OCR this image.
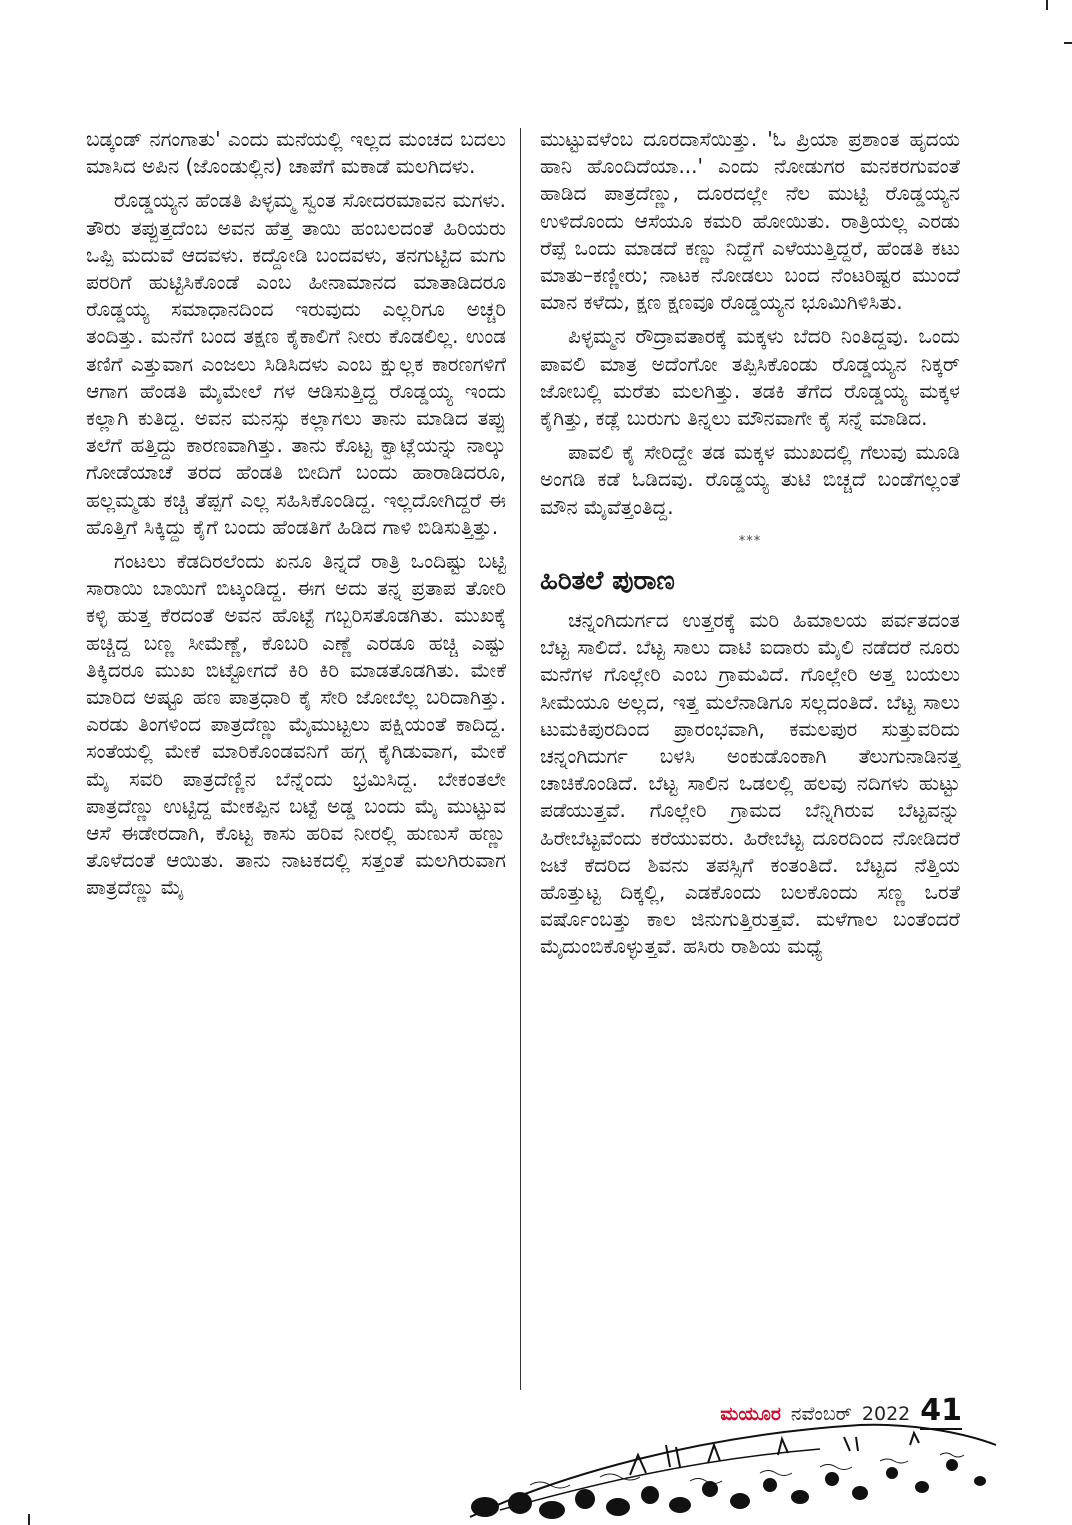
ಬಡ್ಕಂಡ್ ನಗಂಗಾತು' ಎಂದು ಮನೆಯಲ್ಲಿ ಇಲ್ಲದ ಮಂಚದ ಬದಲು ಮಾಸಿದ ಅಪಿನ (ಜೊಂಡುಲ್ಲಿನ) ಚಾಪೆಗೆ ಮಕಾಡೆ ಮಲಗಿದಳು.

ರೊಡ್ಡಯ್ಯನ ಹೆಂಡತಿ ಪಿಳ್ಳಮ್ಮ ಸ್ವಂತ ಸೋದರಮಾವನ ಮಗಳು. ತೌರು ತಪ್ಪುತ್ತದೆಂಬ ಅವನ ಹೆತ್ತ ತಾಯಿ ಹಂಬಲದಂತೆ ಹಿರಿಯರು ಒಪ್ಪಿ ಮದುವೆ ಆದವಳು. ಕದ್ದೋಡಿ ಬಂದವಳು, ತನಗುಟ್ಟಿದ ಮಗು ಪರರಿಗೆ ಹುಟ್ಟಿಸಿಕೊಂಡೆ ಎಂಬ ಹೀನಾಮಾನದ ಮಾತಾಡಿದರೂ ರೊಡ್ಡಯ್ಯ ಸಮಾಧಾನದಿಂದ ಇರುವುದು ಎಲ್ಲರಿಗೂ ಅಚ್ಚರಿ ತಂದಿತ್ತು. ಮನೆಗೆ ಬಂದ ತಕ್ಷಣ ಕೈಕಾಲಿಗೆ ನೀರು ಕೊಡಲಿಲ್ಲ. ಉಂಡ ತಣಿಗೆ ಎತ್ತುವಾಗ ಎಂಜಲು ಸಿಡಿಸಿದಳು ಎಂಬ ಕ್ಷುಲ್ಲಕ ಕಾರಣಗಳಿಗೆ ಆಗಾಗ ಹೆಂಡತಿ ಮೈಮೇಲೆ ಗಳ ಆಡಿಸುತ್ತಿದ್ದ ರೊಡ್ಡಯ್ಯ ಇಂದು ಕಲ್ಲಾಗಿ ಕುತಿದ್ದ. ಅವನ ಮನಸ್ಸು ಕಲ್ಲಾಗಲು ತಾನು ಮಾಡಿದ ತಪ್ಪು ತಲೆಗೆ ಹತ್ತಿದ್ದು ಕಾರಣವಾಗಿತ್ತು. ತಾನು ಕೊಟ್ಟ ಕ್ವಾಟ್ಲೆಯನ್ನು ನಾಲ್ಕು ಗೋಡೆಯಾಚೆ ತರದ ಹೆಂಡತಿ ಬೀದಿಗೆ ಬಂದು ಹಾರಾಡಿದರೂ, ಹಲ್ಲಮ್ಮಡು ಕಚ್ಚಿ ತೆಪ್ಪಗೆ ಎಲ್ಲ ಸಹಿಸಿಕೊಂಡಿದ್ದ. ಇಲ್ಲದೋಗಿದ್ದರೆ ಈ ಹೊತ್ತಿಗೆ ಸಿಕ್ಕಿದ್ದು ಕೈಗೆ ಬಂದು ಹೆಂಡತಿಗೆ ಹಿಡಿದ ಗಾಳಿ ಬಿಡಿಸುತ್ತಿತ್ತು.

ಗಂಟಲು ಕೆಡದಿರಲೆಂದು ಏನೂ ತಿನ್ನದೆ ರಾತ್ರಿ ಒಂದಿಷ್ಟು ಬಟ್ಟಿ ಸಾರಾಯಿ ಬಾಯಿಗೆ ಬಿಟ್ಕಂಡಿದ್ದ. ಈಗ ಅದು ತನ್ನ ಪ್ರತಾಪ ತೋರಿ ಕಳ್ಳಿ ಹುತ್ತ ಕೆರದಂತೆ ಅವನ ಹೊಟ್ಟೆ ಗಬ್ಬರಿಸತೊಡಗಿತು. ಮುಖಕ್ಕೆ ಹಚ್ಚಿದ್ದ ಬಣ್ಣ ಸೀಮೆಣ್ಣೆ, ಕೊಬರಿ ಎಣ್ಣೆ ಎರಡೂ ಹಚ್ಚಿ ಎಷ್ಟು ತಿಕ್ಕಿದರೂ ಮುಖ ಬಿಟ್ಟೋಗದೆ ಕಿರಿ ಕಿರಿ ಮಾಡತೊಡಗಿತು. ಮೇಕೆ ಮಾರಿದ ಅಷ್ಟೂ ಹಣ ಪಾತ್ರಧಾರಿ ಕೈ ಸೇರಿ ಜೋಬೆಲ್ಲ ಬರಿದಾಗಿತ್ತು. ಎರಡು ತಿಂಗಳಿಂದ ಪಾತ್ರದೆಣ್ಣು ಮೈಮುಟ್ಟಲು ಪಕ್ಷಿಯಂತೆ ಕಾದಿದ್ದ. ಸಂತೆಯಲ್ಲಿ ಮೇಕೆ ಮಾರಿಕೊಂಡವನಿಗೆ ಹಗ್ಗ ಕೈಗಿಡುವಾಗ, ಮೇಕೆ ಮೈ ಸವರಿ ಪಾತ್ರದೆಣ್ಣಿನ ಬೆನ್ನೆಂದು ಭ್ರಮಿಸಿದ್ದ. ಬೇಕಂತಲೇ ಪಾತ್ರದೆಣ್ಣು ಉಟ್ಟಿದ್ದ ಮೇಕಪ್ಪಿನ ಬಟ್ಟೆ ಅಡ್ಡ ಬಂದು ಮೈ ಮುಟ್ಟುವ ಆಸೆ ಈಡೇರದಾಗಿ, ಕೊಟ್ಟ ಕಾಸು ಹರಿವ ನೀರಲ್ಲಿ ಹುಣುಸೆ ಹಣ್ಣು ತೊಳೆದಂತೆ ಆಯಿತು. ತಾನು ನಾಟಕದಲ್ಲಿ ಸತ್ತಂತೆ ಮಲಗಿರುವಾಗ ಪಾತ್ರದೆಣ್ಣು ಮೈ

ಮುಟ್ಟುವಳೆಂಬ ದೂರದಾಸೆಯಿತ್ತು. 'ಓ ಪ್ರಿಯಾ ಪ್ರಶಾಂತ ಹೃದಯ ಹಾನಿ ಹೊಂದಿದೆಯಾ...' ಎಂದು ನೋಡುಗರ ಮನಕರಗುವಂತೆ ಹಾಡಿದ ಪಾತ್ರದೆಣ್ಣು, ದೂರದಲ್ಲೇ ನೆಲ ಮುಟ್ಟಿ ರೊಡ್ಡಯ್ಯನ ಉಳಿದೊಂದು ಆಸೆಯೂ ಕಮರಿ ಹೋಯಿತು. ರಾತ್ರಿಯಲ್ಲ ಎರಡು ರೆಪ್ಪೆ ಒಂದು ಮಾಡದೆ ಕಣ್ಣು ನಿದ್ದೆಗೆ ಎಳೆಯುತ್ತಿದ್ದರೆ, ಹೆಂಡತಿ ಕಟು ಮಾತು–ಕಣ್ಣೀರು; ನಾಟಕ ನೋಡಲು ಬಂದ ನೆಂಟರಿಷ್ಟರ ಮುಂದೆ ಮಾನ ಕಳೆದು, ಕ್ಷಣ ಕ್ಷಣವೂ ರೊಡ್ಡಯ್ಯನ ಭೂಮಿಗಿಳಿಸಿತು.

ಪಿಳ್ಳಮ್ಮನ ರೌದ್ರಾವತಾರಕ್ಕೆ ಮಕ್ಕಳು ಬೆದರಿ ನಿಂತಿದ್ದವು. ಒಂದು ಪಾವಲಿ ಮಾತ್ರ ಅದೆಂಗೋ ತಪ್ಪಿಸಿಕೊಂಡು ರೊಡ್ಡಯ್ಯನ ನಿಕ್ಕರ್ ಜೋಬಲ್ಲಿ ಮರೆತು ಮಲಗಿತ್ತು. ತಡಕಿ ತೆಗೆದ ರೊಡ್ಡಯ್ಯ ಮಕ್ಕಳ ಕೈಗಿತ್ತು, ಕಡ್ಲೆ ಬುರುಗು ತಿನ್ನಲು ಮೌನವಾಗೇ ಕೈ ಸನ್ನೆ ಮಾಡಿದ.

ಪಾವಲಿ ಕೈ ಸೇರಿದ್ದೇ ತಡ ಮಕ್ಕಳ ಮುಖದಲ್ಲಿ ಗೆಲುವು ಮೂಡಿ ಅಂಗಡಿ ಕಡೆ ಓಡಿದವು. ರೊಡ್ಡಯ್ಯ ತುಟಿ ಬಿಚ್ಚದೆ ಬಂಡೆಗಲ್ಲಂತೆ ಮೌನ ಮೈವೆತ್ತಂತಿದ್ದ.

***
ಹಿರಿತಲೆ ಪುರಾಣ

ಚನ್ನಂಗಿದುರ್ಗದ ಉತ್ತರಕ್ಕೆ ಮರಿ ಹಿಮಾಲಯ ಪರ್ವತದಂತ ಬೆಟ್ಟ ಸಾಲಿದೆ. ಬೆಟ್ಟ ಸಾಲು ದಾಟಿ ಐದಾರು ಮೈಲಿ ನಡೆದರೆ ನೂರು ಮನೆಗಳ ಗೊಲ್ಲೇರಿ ಎಂಬ ಗ್ರಾಮವಿದೆ. ಗೊಲ್ಲೇರಿ ಅತ್ತ ಬಯಲು ಸೀಮೆಯೂ ಅಲ್ಲದ, ಇತ್ತ ಮಲೆನಾಡಿಗೂ ಸಲ್ಲದಂತಿದೆ. ಬೆಟ್ಟ ಸಾಲು ಟುಮಕಿಪುರದಿಂದ ಪ್ರಾರಂಭವಾಗಿ, ಕಮಲಪುರ ಸುತ್ತುವರಿದು ಚನ್ನಂಗಿದುರ್ಗ ಬಳಸಿ ಅಂಕುಡೊಂಕಾಗಿ ತೆಲುಗುನಾಡಿನತ್ತ ಚಾಚಿಕೊಂಡಿದೆ. ಬೆಟ್ಟ ಸಾಲಿನ ಒಡಲಲ್ಲಿ ಹಲವು ನದಿಗಳು ಹುಟ್ಟು ಪಡೆಯುತ್ತವೆ. ಗೊಲ್ಲೇರಿ ಗ್ರಾಮದ ಬೆನ್ನಿಗಿರುವ ಬೆಟ್ಟವನ್ನು ಹಿರೇಬೆಟ್ಟವೆಂದು ಕರೆಯುವರು. ಹಿರೇಬೆಟ್ಟ ದೂರದಿಂದ ನೋಡಿದರೆ ಜಟೆ ಕೆದರಿದ ಶಿವನು ತಪಸ್ಸಿಗೆ ಕಂತಂತಿದೆ. ಬೆಟ್ಟದ ನೆತ್ತಿಯ ಹೊತ್ತುಟ್ಟ ದಿಕ್ಕಲ್ಲಿ, ಎಡಕೊಂದು ಬಲಕೊಂದು ಸಣ್ಣ ಒರತೆ ವರ್ಷೊಂಬತ್ತು ಕಾಲ ಜಿನುಗುತ್ತಿರುತ್ತವೆ. ಮಳೆಗಾಲ ಬಂತೆಂದರೆ ಮೈದುಂಬಿಕೊಳ್ಳುತ್ತವೆ. ಹಸಿರು ರಾಶಿಯ ಮಧ್ಯೆ

ಮಯೂರ ನವೆಂಬರ್ 2022 41
